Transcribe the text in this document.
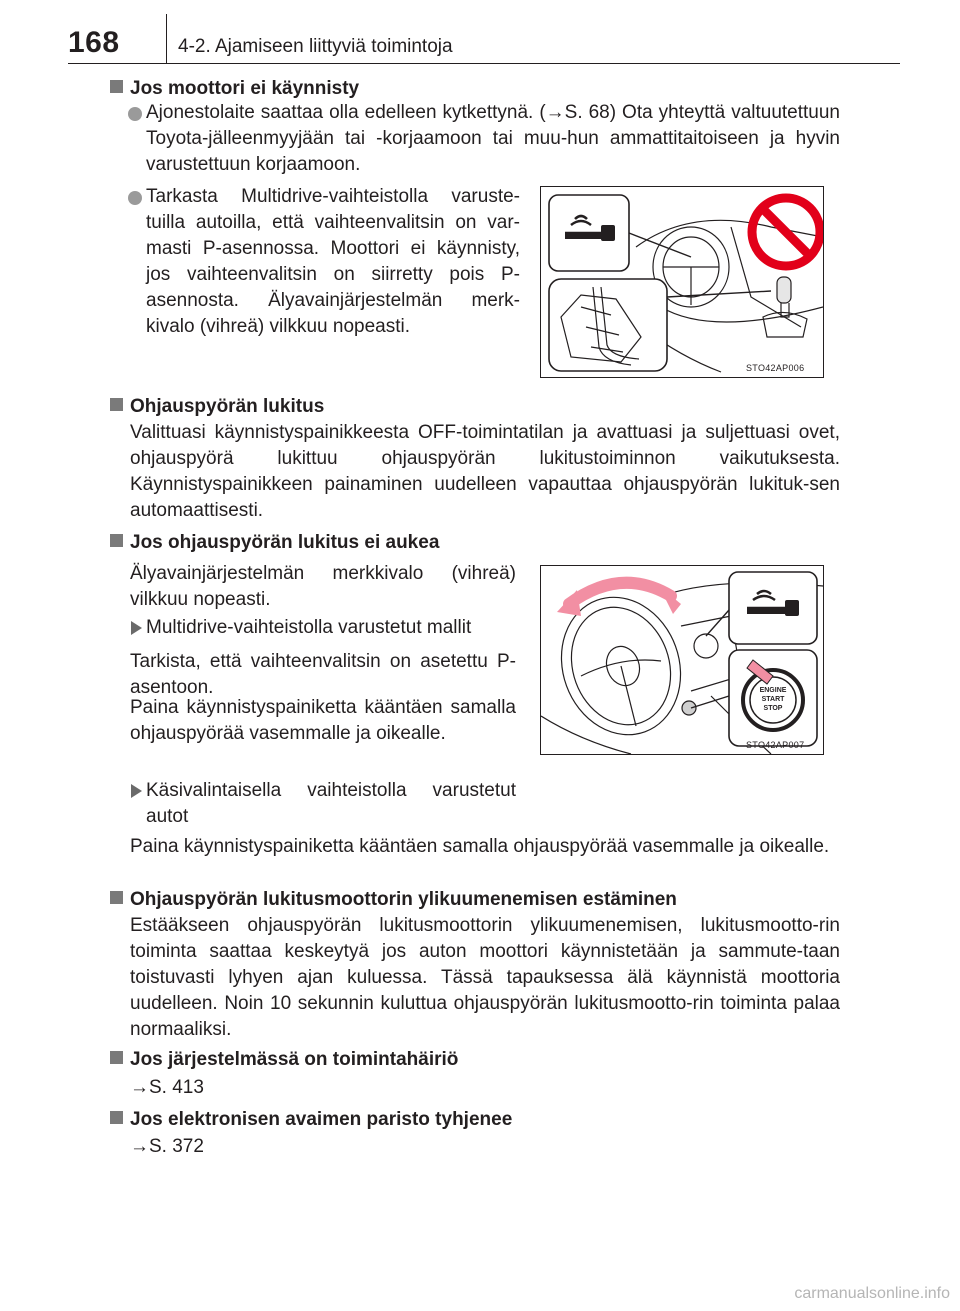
168	4-2. Ajamiseen liittyviä toimintoja
Jos moottori ei käynnisty
Ajonestolaite saattaa olla edelleen kytkettynä. (→S. 68) Ota yhteyttä valtuutettuun Toyota-jälleenmyyjään tai -korjaamoon tai muu-hun ammattitaitoiseen ja hyvin varustettuun korjaamoon.
Tarkasta Multidrive-vaihteistolla varuste-tuilla autoilla, että vaihteenvalitsin on var-masti P-asennossa. Moottori ei käynnisty, jos vaihteenvalitsin on siirretty pois P-asennosta. Älyavainjärjestelmän merk-kivalo (vihreä) vilkkuu nopeasti.
STO42AP006
Ohjauspyörän lukitus
Valittuasi käynnistyspainikkeesta OFF-toimintatilan ja avattuasi ja suljettuasi ovet, ohjauspyörä lukittuu ohjauspyörän lukitustoiminnon vaikutuksesta. Käynnistyspainikkeen painaminen uudelleen vapauttaa ohjauspyörän lukituk-sen automaattisesti.
Jos ohjauspyörän lukitus ei aukea
Älyavainjärjestelmän merkkivalo (vihreä) vilkkuu nopeasti.
Multidrive-vaihteistolla varustetut mallit
Tarkista, että vaihteenvalitsin on asetettu P-asentoon.
Paina käynnistyspainiketta kääntäen samalla ohjauspyörää vasemmalle ja oikealle.
Käsivalintaisella vaihteistolla varustetut autot
ENGINE
START
STOP
STO42AP007
Paina käynnistyspainiketta kääntäen samalla ohjauspyörää vasemmalle ja oikealle.
Ohjauspyörän lukitusmoottorin ylikuumenemisen estäminen
Estääkseen ohjauspyörän lukitusmoottorin ylikuumenemisen, lukitusmootto-rin toiminta saattaa keskeytyä jos auton moottori käynnistetään ja sammute-taan toistuvasti lyhyen ajan kuluessa. Tässä tapauksessa älä käynnistä moottoria uudelleen. Noin 10 sekunnin kuluttua ohjauspyörän lukitusmootto-rin toiminta palaa normaaliksi.
Jos järjestelmässä on toimintahäiriö
→S. 413
Jos elektronisen avaimen paristo tyhjenee
→S. 372
carmanualsonline.info
